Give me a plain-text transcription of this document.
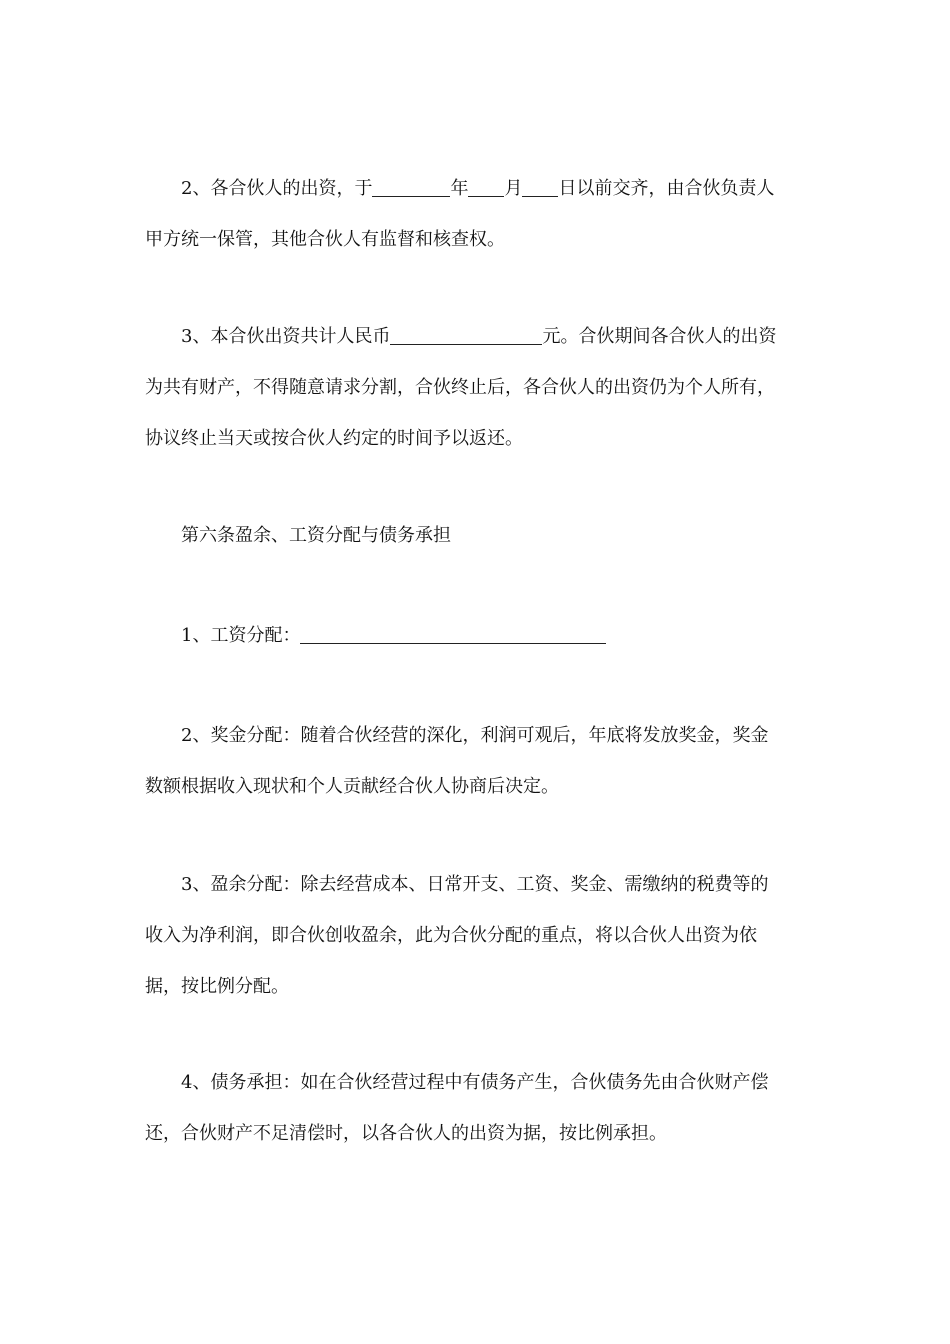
2、各合伙人的出资，于	年 月 日以前交齐，由合伙负责人
甲方统一保管，其他合伙人有监督和核查权。
3、本合伙出资共计人民币	元。合伙期间各合伙人的出资
为共有财产，不得随意请求分割，合伙终止后，各合伙人的出资仍为个人所有，
协议终止当天或按合伙人约定的时间予以返还。
第六条盈余、工资分配与债务承担
1、工资分配：
2、奖金分配：随着合伙经营的深化，利润可观后，年底将发放奖金，奖金
数额根据收入现状和个人贡献经合伙人协商后决定。
3、盈余分配：除去经营成本、日常开支、工资、奖金、需缴纳的税费等的
收入为净利润，即合伙创收盈余，此为合伙分配的重点，将以合伙人出资为依
据，按比例分配。
4、债务承担：如在合伙经营过程中有债务产生，合伙债务先由合伙财产偿
还，合伙财产不足清偿时，以各合伙人的出资为据，按比例承担。
